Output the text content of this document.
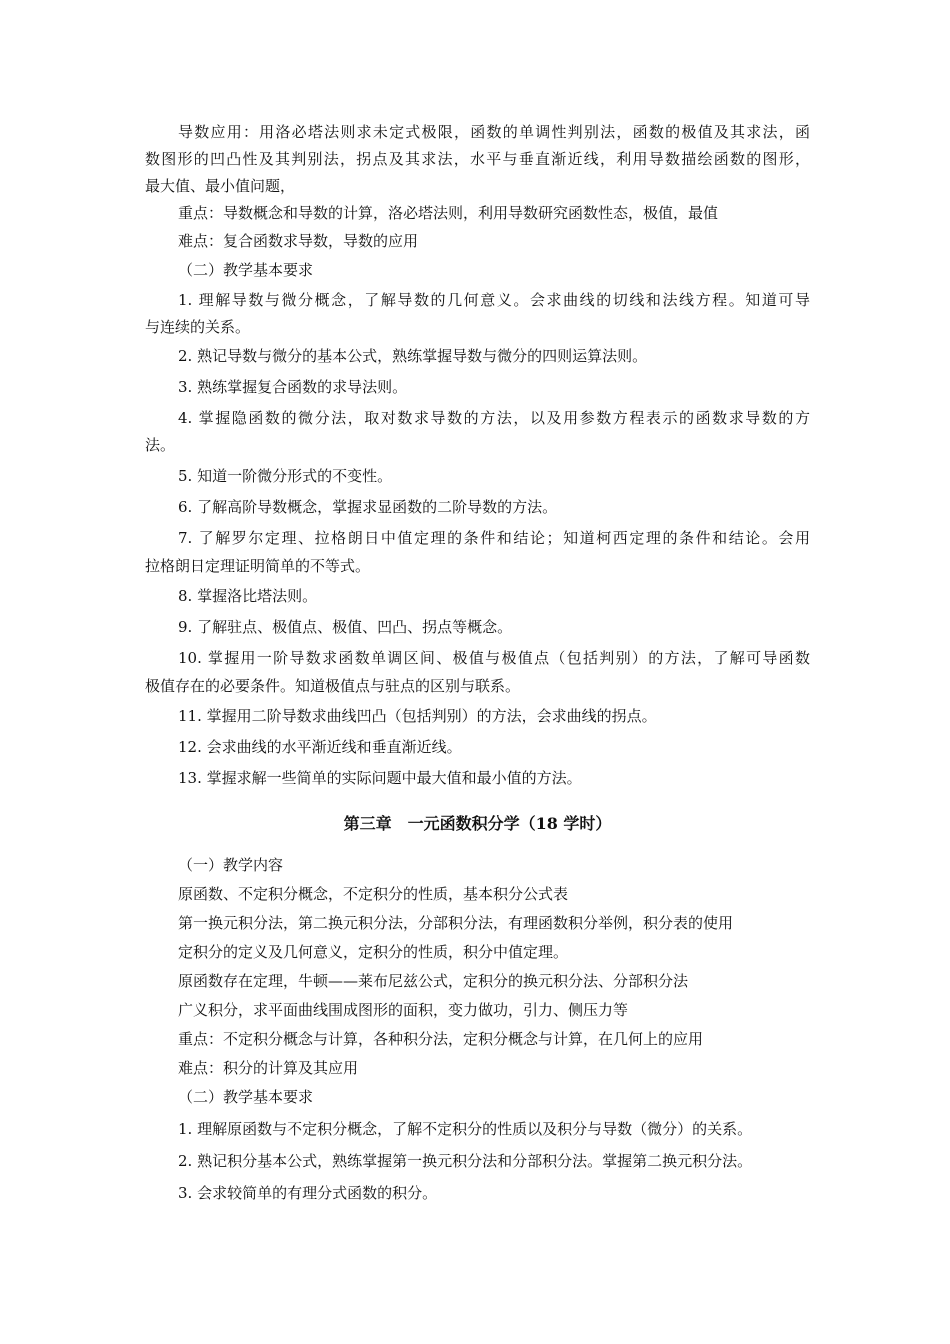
导数应用：用洛必塔法则求未定式极限，函数的单调性判别法，函数的极值及其求法，函
数图形的凹凸性及其判别法，拐点及其求法，水平与垂直渐近线，利用导数描绘函数的图形，
最大值、最小值问题，
重点：导数概念和导数的计算，洛必塔法则，利用导数研究函数性态，极值，最值
难点：复合函数求导数，导数的应用
（二）教学基本要求
1. 理解导数与微分概念，了解导数的几何意义。会求曲线的切线和法线方程。知道可导
与连续的关系。
2. 熟记导数与微分的基本公式，熟练掌握导数与微分的四则运算法则。
3. 熟练掌握复合函数的求导法则。
4. 掌握隐函数的微分法，取对数求导数的方法，以及用参数方程表示的函数求导数的方
法。
5. 知道一阶微分形式的不变性。
6. 了解高阶导数概念，掌握求显函数的二阶导数的方法。
7. 了解罗尔定理、拉格朗日中值定理的条件和结论；知道柯西定理的条件和结论。会用
拉格朗日定理证明简单的不等式。
8. 掌握洛比塔法则。
9. 了解驻点、极值点、极值、凹凸、拐点等概念。
10. 掌握用一阶导数求函数单调区间、极值与极值点（包括判别）的方法，了解可导函数
极值存在的必要条件。知道极值点与驻点的区别与联系。
11. 掌握用二阶导数求曲线凹凸（包括判别）的方法，会求曲线的拐点。
12. 会求曲线的水平渐近线和垂直渐近线。
13. 掌握求解一些简单的实际问题中最大值和最小值的方法。
第三章　一元函数积分学（18 学时）
（一）教学内容
原函数、不定积分概念，不定积分的性质，基本积分公式表
第一换元积分法，第二换元积分法，分部积分法，有理函数积分举例，积分表的使用
定积分的定义及几何意义，定积分的性质，积分中值定理。
原函数存在定理，牛顿——莱布尼兹公式，定积分的换元积分法、分部积分法
广义积分，求平面曲线围成图形的面积，变力做功，引力、侧压力等
重点：不定积分概念与计算，各种积分法，定积分概念与计算，在几何上的应用
难点：积分的计算及其应用
（二）教学基本要求
1. 理解原函数与不定积分概念，了解不定积分的性质以及积分与导数（微分）的关系。
2. 熟记积分基本公式，熟练掌握第一换元积分法和分部积分法。掌握第二换元积分法。
3. 会求较简单的有理分式函数的积分。
